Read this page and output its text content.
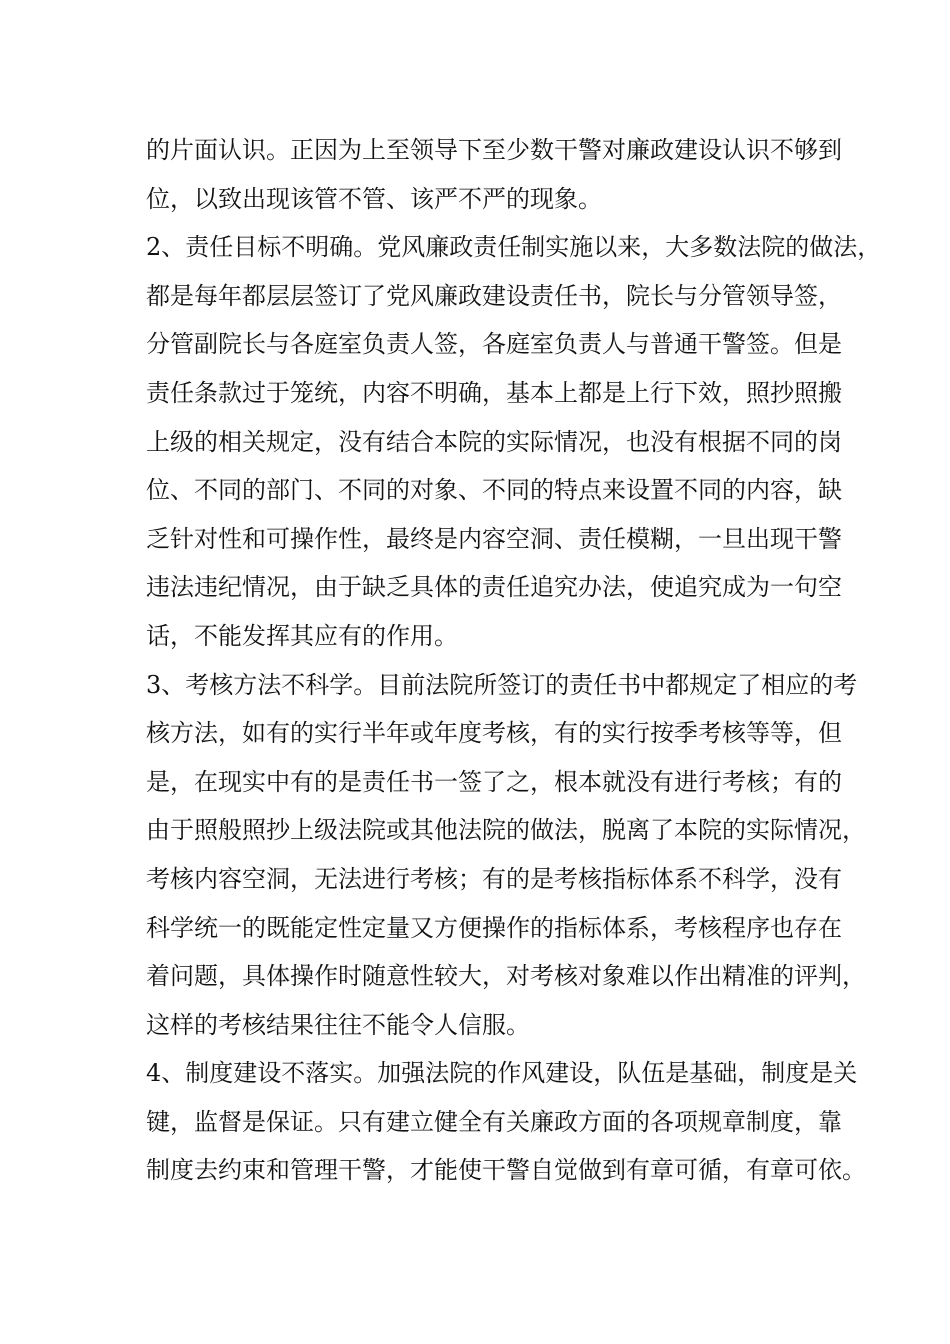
的片面认识。正因为上至领导下至少数干警对廉政建设认识不够到
位，以致出现该管不管、该严不严的现象。
2、责任目标不明确。党风廉政责任制实施以来，大多数法院的做法，
都是每年都层层签订了党风廉政建设责任书，院长与分管领导签，
分管副院长与各庭室负责人签，各庭室负责人与普通干警签。但是
责任条款过于笼统，内容不明确，基本上都是上行下效，照抄照搬
上级的相关规定，没有结合本院的实际情况，也没有根据不同的岗
位、不同的部门、不同的对象、不同的特点来设置不同的内容，缺
乏针对性和可操作性，最终是内容空洞、责任模糊，一旦出现干警
违法违纪情况，由于缺乏具体的责任追究办法，使追究成为一句空
话，不能发挥其应有的作用。
3、考核方法不科学。目前法院所签订的责任书中都规定了相应的考
核方法，如有的实行半年或年度考核，有的实行按季考核等等，但
是，在现实中有的是责任书一签了之，根本就没有进行考核；有的
由于照般照抄上级法院或其他法院的做法，脱离了本院的实际情况，
考核内容空洞，无法进行考核；有的是考核指标体系不科学，没有
科学统一的既能定性定量又方便操作的指标体系，考核程序也存在
着问题，具体操作时随意性较大，对考核对象难以作出精准的评判，
这样的考核结果往往不能令人信服。
4、制度建设不落实。加强法院的作风建设，队伍是基础，制度是关
键，监督是保证。只有建立健全有关廉政方面的各项规章制度，靠
制度去约束和管理干警，才能使干警自觉做到有章可循，有章可依。
